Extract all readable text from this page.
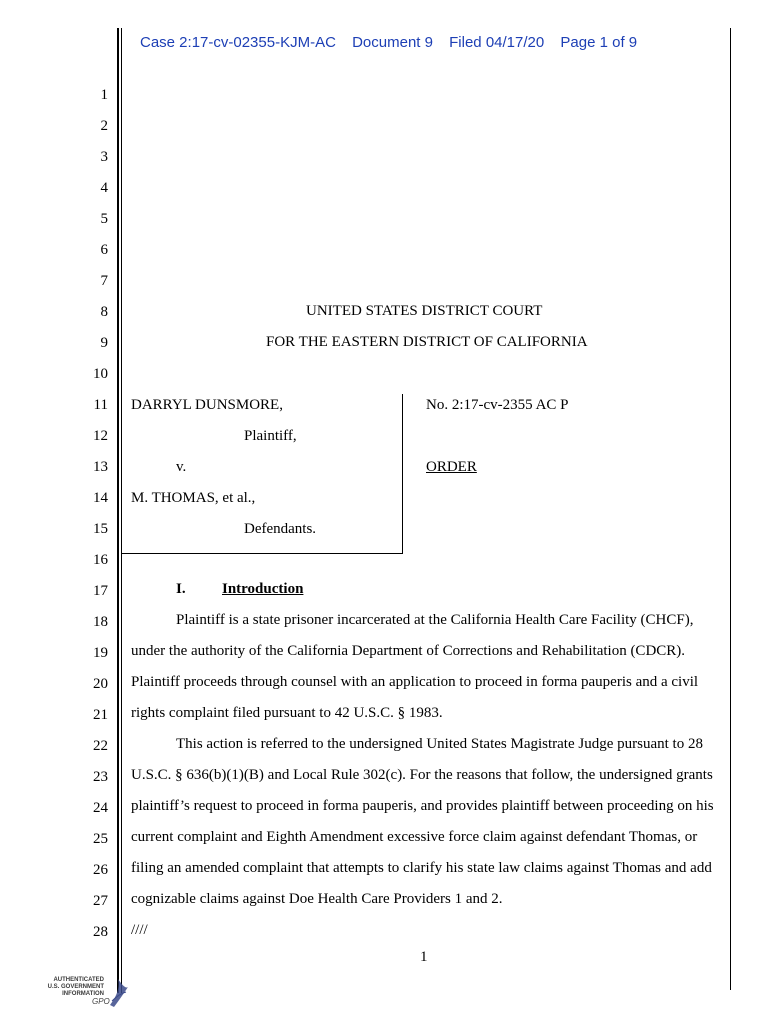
Case 2:17-cv-02355-KJM-AC Document 9 Filed 04/17/20 Page 1 of 9
1
2
3
4
5
6
7
8
9
10
11
12
13
14
15
16
17
18
19
20
21
22
23
24
25
26
27
28
UNITED STATES DISTRICT COURT
FOR THE EASTERN DISTRICT OF CALIFORNIA
DARRYL DUNSMORE,
Plaintiff,
v.
M. THOMAS, et al.,
Defendants.
No. 2:17-cv-2355 AC P
ORDER
I. Introduction
Plaintiff is a state prisoner incarcerated at the California Health Care Facility (CHCF),
under the authority of the California Department of Corrections and Rehabilitation (CDCR).
Plaintiff proceeds through counsel with an application to proceed in forma pauperis and a civil
rights complaint filed pursuant to 42 U.S.C. § 1983.
This action is referred to the undersigned United States Magistrate Judge pursuant to 28
U.S.C. § 636(b)(1)(B) and Local Rule 302(c). For the reasons that follow, the undersigned grants
plaintiff’s request to proceed in forma pauperis, and provides plaintiff between proceeding on his
current complaint and Eighth Amendment excessive force claim against defendant Thomas, or
filing an amended complaint that attempts to clarify his state law claims against Thomas and add
cognizable claims against Doe Health Care Providers 1 and 2.
////
1
AUTHENTICATED
U.S. GOVERNMENT
INFORMATION
GPO
